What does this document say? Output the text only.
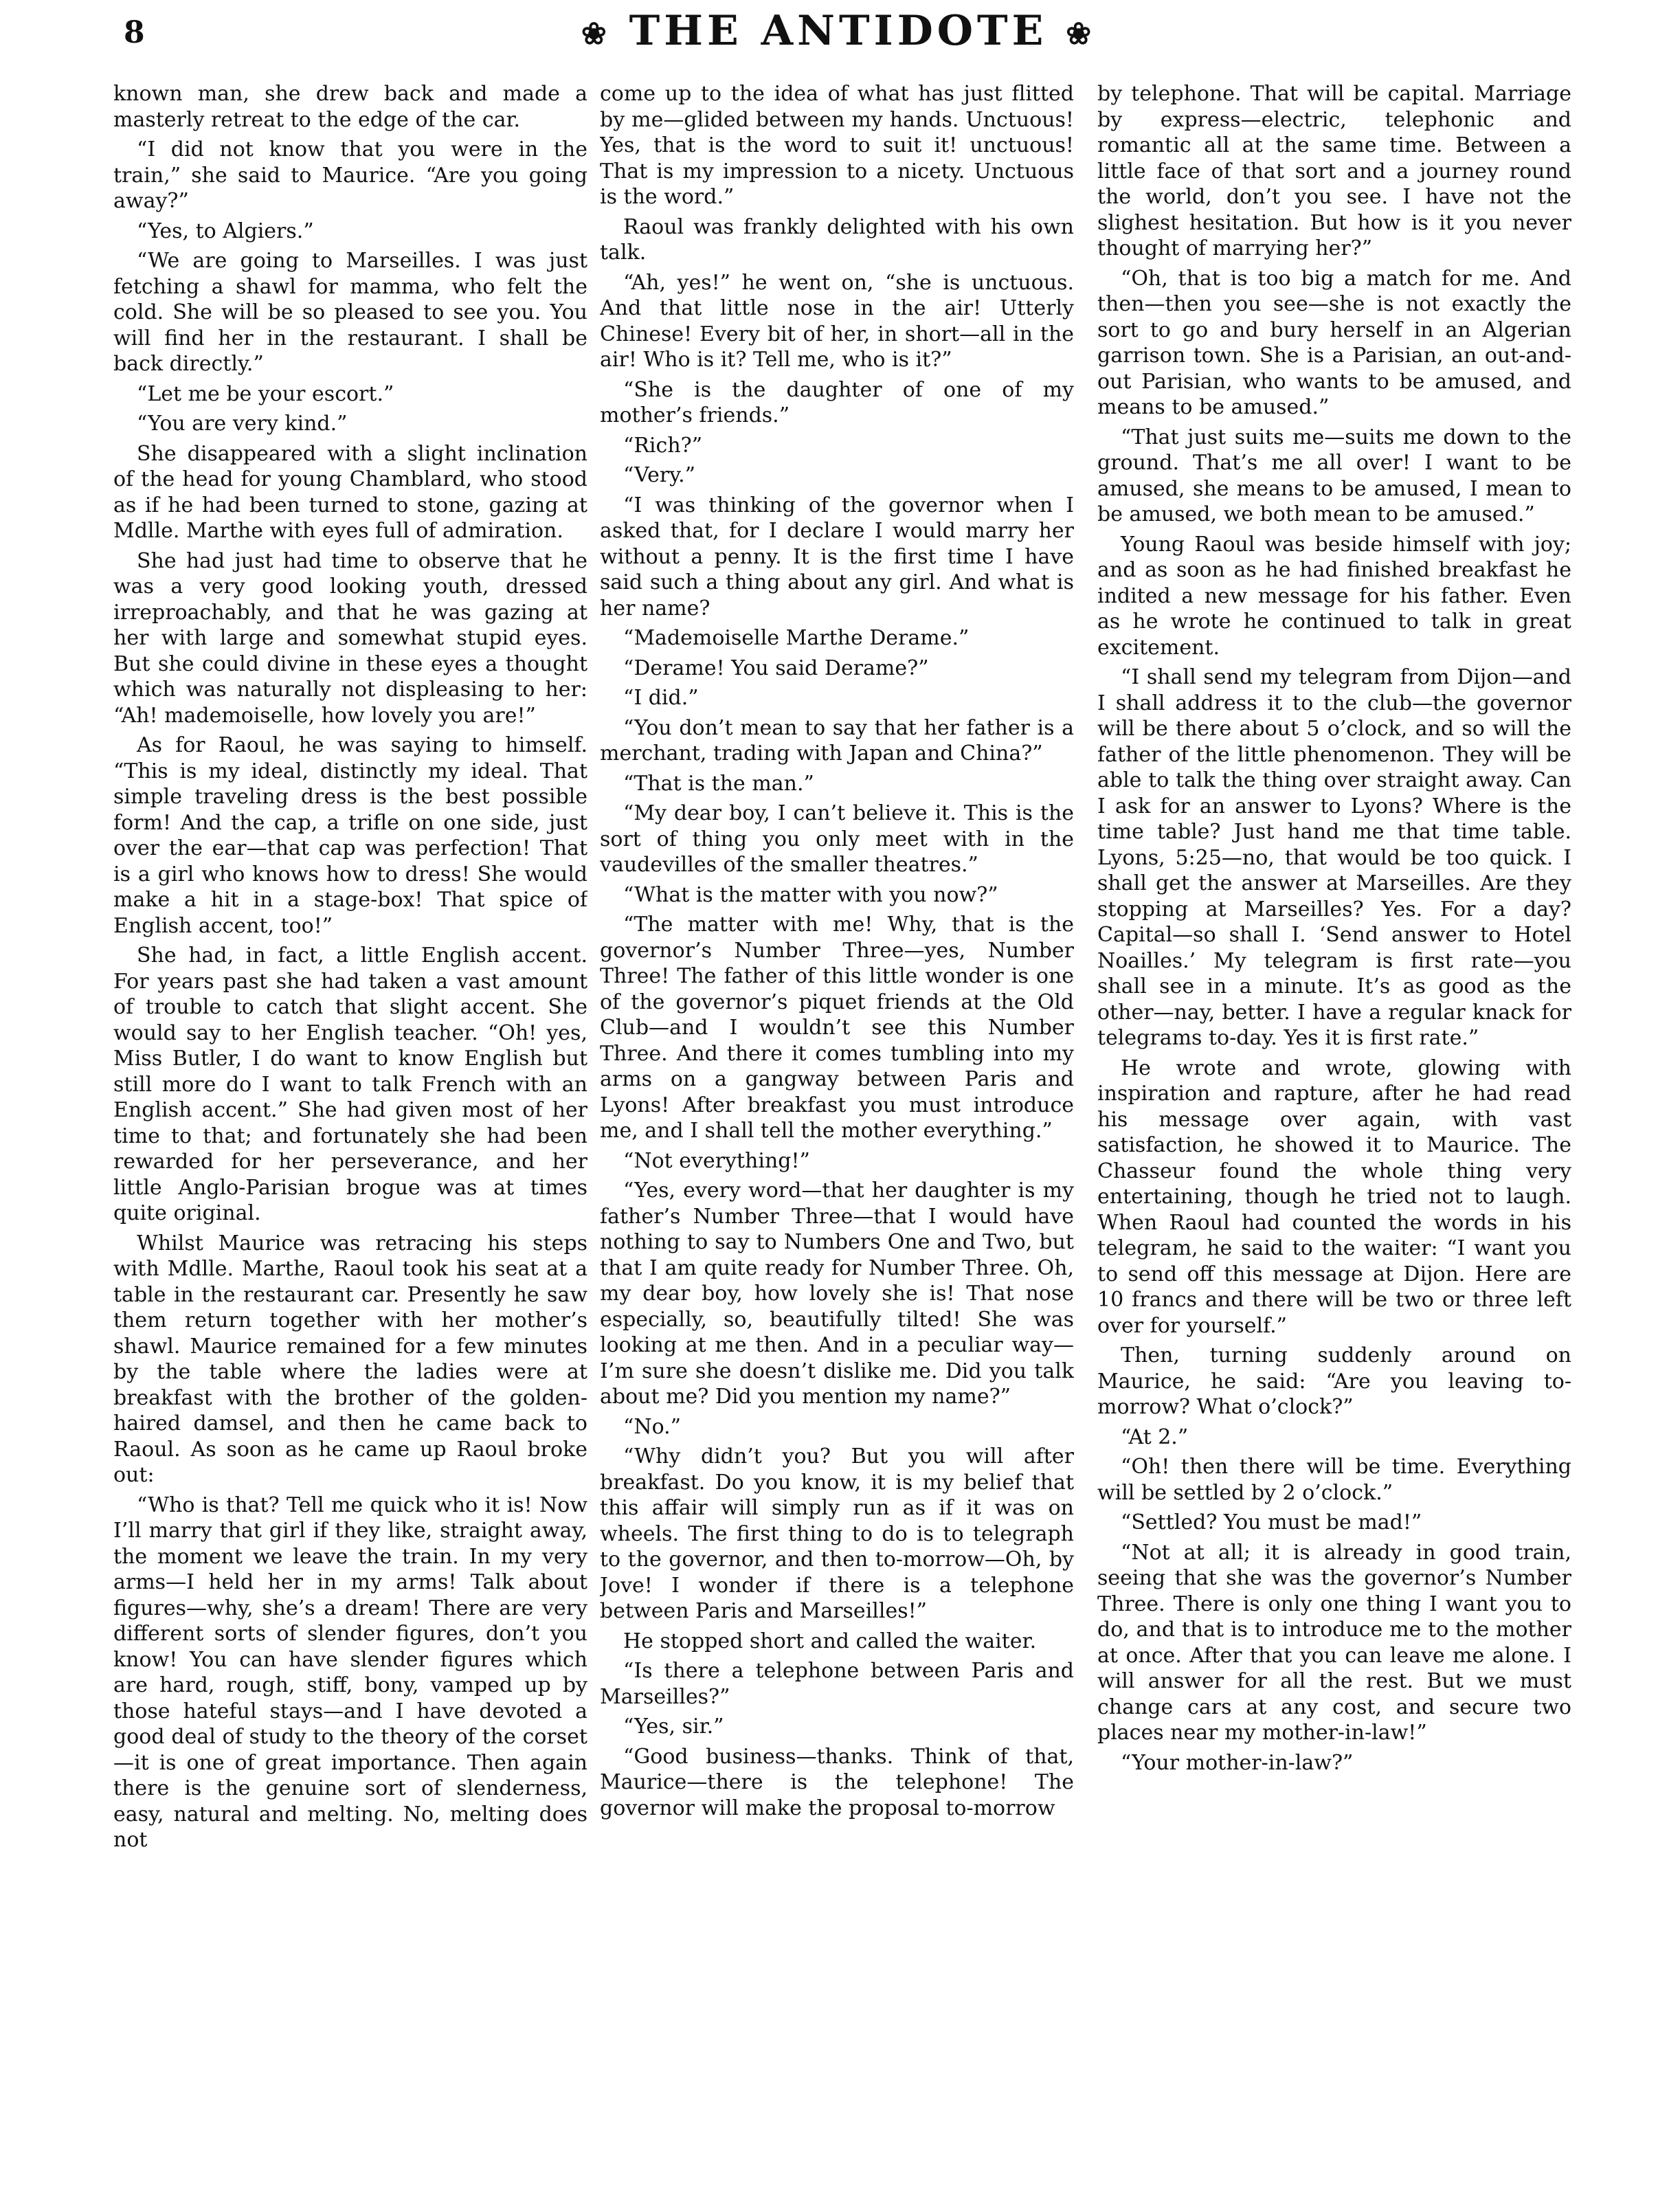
8	❀ THE ANTIDOTE ❀

known man, she drew back and made a masterly retreat to the edge of the car.

“I did not know that you were in the train,” she said to Maurice. “Are you going away?”

“Yes, to Algiers.”

“We are going to Marseilles. I was just fetching a shawl for mamma, who felt the cold. She will be so pleased to see you. You will find her in the restaurant. I shall be back directly.”

“Let me be your escort.”

“You are very kind.”

She disappeared with a slight inclination of the head for young Chamblard, who stood as if he had been turned to stone, gazing at Mdlle. Marthe with eyes full of admiration.

She had just had time to observe that he was a very good looking youth, dressed irreproachably, and that he was gazing at her with large and somewhat stupid eyes. But she could divine in these eyes a thought which was naturally not displeasing to her: “Ah! mademoiselle, how lovely you are!”

As for Raoul, he was saying to himself. “This is my ideal, distinctly my ideal. That simple traveling dress is the best possible form! And the cap, a trifle on one side, just over the ear—that cap was perfection! That is a girl who knows how to dress! She would make a hit in a stage-box! That spice of English accent, too!”

She had, in fact, a little English accent. For years past she had taken a vast amount of trouble to catch that slight accent. She would say to her English teacher. “Oh! yes, Miss Butler, I do want to know English but still more do I want to talk French with an English accent.” She had given most of her time to that; and fortunately she had been rewarded for her perseverance, and her little Anglo-Parisian brogue was at times quite original.

Whilst Maurice was retracing his steps with Mdlle. Marthe, Raoul took his seat at a table in the restaurant car. Presently he saw them return together with her mother’s shawl. Maurice remained for a few minutes by the table where the ladies were at breakfast with the brother of the golden-haired damsel, and then he came back to Raoul. As soon as he came up Raoul broke out:

“Who is that? Tell me quick who it is! Now I’ll marry that girl if they like, straight away, the moment we leave the train. In my very arms—I held her in my arms! Talk about figures—why, she’s a dream! There are very different sorts of slender figures, don’t you know! You can have slender figures which are hard, rough, stiff, bony, vamped up by those hateful stays—and I have devoted a good deal of study to the theory of the corset—it is one of great importance. Then again there is the genuine sort of slenderness, easy, natural and melting. No, melting does not

come up to the idea of what has just flitted by me—glided between my hands. Unctuous! Yes, that is the word to suit it! unctuous! That is my impression to a nicety. Unctuous is the word.”

Raoul was frankly delighted with his own talk.

“Ah, yes!” he went on, “she is unctuous. And that little nose in the air! Utterly Chinese! Every bit of her, in short—all in the air! Who is it? Tell me, who is it?”

“She is the daughter of one of my mother’s friends.”

“Rich?”

“Very.”

“I was thinking of the governor when I asked that, for I declare I would marry her without a penny. It is the first time I have said such a thing about any girl. And what is her name?

“Mademoiselle Marthe Derame.”

“Derame! You said Derame?”

“I did.”

“You don’t mean to say that her father is a merchant, trading with Japan and China?”

“That is the man.”

“My dear boy, I can’t believe it. This is the sort of thing you only meet with in the vaudevilles of the smaller theatres.”

“What is the matter with you now?”

“The matter with me! Why, that is the governor’s Number Three—yes, Number Three! The father of this little wonder is one of the governor’s piquet friends at the Old Club—and I wouldn’t see this Number Three. And there it comes tumbling into my arms on a gangway between Paris and Lyons! After breakfast you must introduce me, and I shall tell the mother everything.”

“Not everything!”

“Yes, every word—that her daughter is my father’s Number Three—that I would have nothing to say to Numbers One and Two, but that I am quite ready for Number Three. Oh, my dear boy, how lovely she is! That nose especially, so, beautifully tilted! She was looking at me then. And in a peculiar way—I’m sure she doesn’t dislike me. Did you talk about me? Did you mention my name?”

“No.”

“Why didn’t you? But you will after breakfast. Do you know, it is my belief that this affair will simply run as if it was on wheels. The first thing to do is to telegraph to the governor, and then to-morrow—Oh, by Jove! I wonder if there is a telephone between Paris and Marseilles!”

He stopped short and called the waiter.

“Is there a telephone between Paris and Marseilles?”

“Yes, sir.”

“Good business—thanks. Think of that, Maurice—there is the telephone! The governor will make the proposal to-morrow

by telephone. That will be capital. Marriage by express—electric, telephonic and romantic all at the same time. Between a little face of that sort and a journey round the world, don’t you see. I have not the slighest hesitation. But how is it you never thought of marrying her?”

“Oh, that is too big a match for me. And then—then you see—she is not exactly the sort to go and bury herself in an Algerian garrison town. She is a Parisian, an out-and-out Parisian, who wants to be amused, and means to be amused.”

“That just suits me—suits me down to the ground. That’s me all over! I want to be amused, she means to be amused, I mean to be amused, we both mean to be amused.”

Young Raoul was beside himself with joy; and as soon as he had finished breakfast he indited a new message for his father. Even as he wrote he continued to talk in great excitement.

“I shall send my telegram from Dijon—and I shall address it to the club—the governor will be there about 5 o’clock, and so will the father of the little phenomenon. They will be able to talk the thing over straight away. Can I ask for an answer to Lyons? Where is the time table? Just hand me that time table. Lyons, 5:25—no, that would be too quick. I shall get the answer at Marseilles. Are they stopping at Marseilles? Yes. For a day? Capital—so shall I. ‘Send answer to Hotel Noailles.’ My telegram is first rate—you shall see in a minute. It’s as good as the other—nay, better. I have a regular knack for telegrams to-day. Yes it is first rate.”

He wrote and wrote, glowing with inspiration and rapture, after he had read his message over again, with vast satisfaction, he showed it to Maurice. The Chasseur found the whole thing very entertaining, though he tried not to laugh. When Raoul had counted the words in his telegram, he said to the waiter: “I want you to send off this message at Dijon. Here are 10 francs and there will be two or three left over for yourself.”

Then, turning suddenly around on Maurice, he said: “Are you leaving to-morrow? What o’clock?”

“At 2.”

“Oh! then there will be time. Everything will be settled by 2 o’clock.”

“Settled? You must be mad!”

“Not at all; it is already in good train, seeing that she was the governor’s Number Three. There is only one thing I want you to do, and that is to introduce me to the mother at once. After that you can leave me alone. I will answer for all the rest. But we must change cars at any cost, and secure two places near my mother-in-law!”

“Your mother-in-law?”
